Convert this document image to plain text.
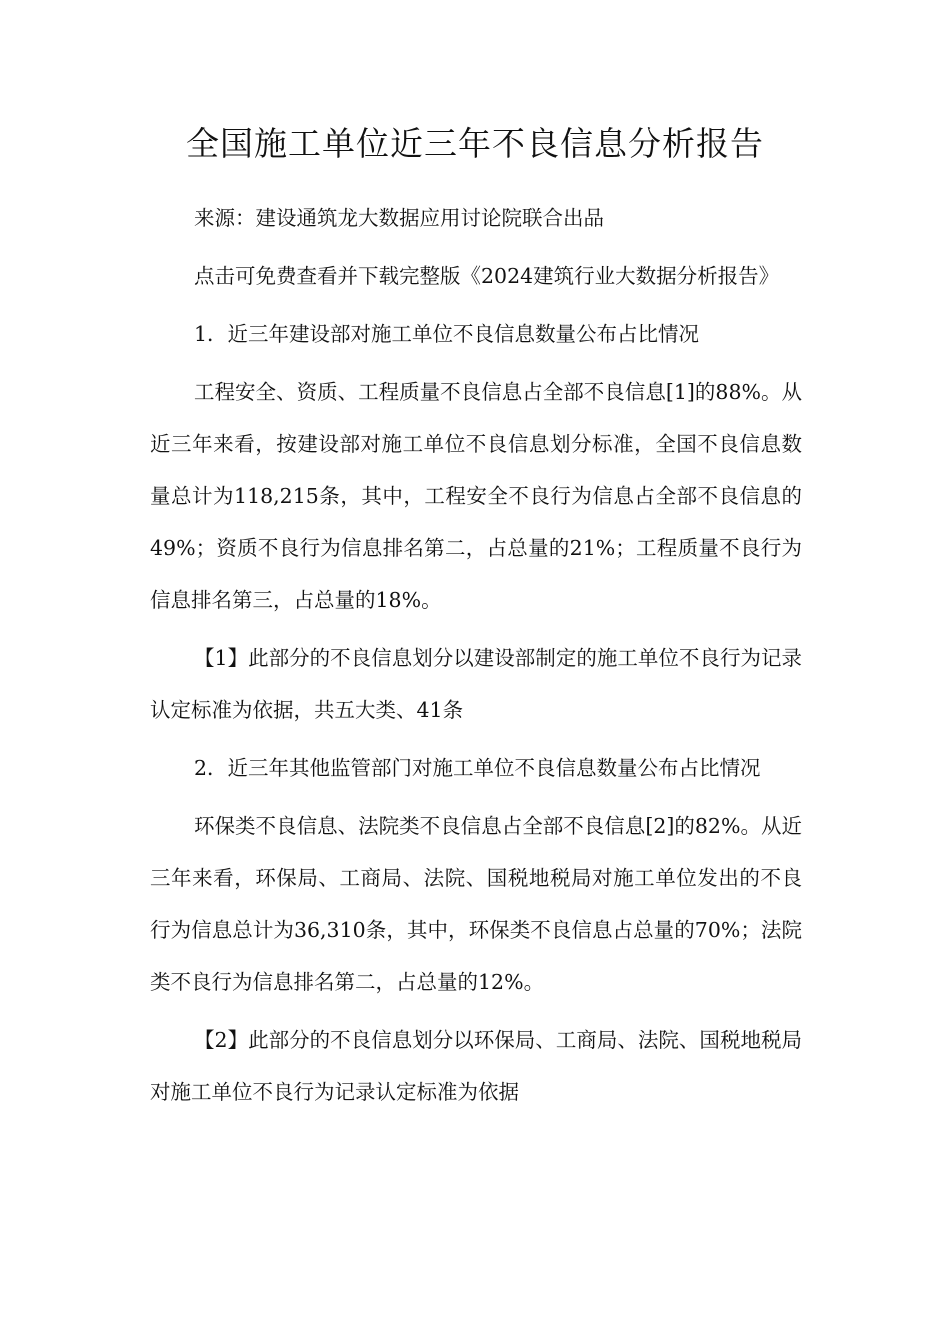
全国施工单位近三年不良信息分析报告

来源：建设通筑龙大数据应用讨论院联合出品

点击可免费查看并下载完整版《2024建筑行业大数据分析报告》

1．近三年建设部对施工单位不良信息数量公布占比情况

工程安全、资质、工程质量不良信息占全部不良信息[1]的88%。从近三年来看，按建设部对施工单位不良信息划分标准，全国不良信息数量总计为118,215条，其中，工程安全不良行为信息占全部不良信息的49%；资质不良行为信息排名第二，占总量的21%；工程质量不良行为信息排名第三，占总量的18%。

【1】此部分的不良信息划分以建设部制定的施工单位不良行为记录认定标准为依据，共五大类、41条

2．近三年其他监管部门对施工单位不良信息数量公布占比情况

环保类不良信息、法院类不良信息占全部不良信息[2]的82%。从近三年来看，环保局、工商局、法院、国税地税局对施工单位发出的不良行为信息总计为36,310条，其中，环保类不良信息占总量的70%；法院类不良行为信息排名第二，占总量的12%。

【2】此部分的不良信息划分以环保局、工商局、法院、国税地税局对施工单位不良行为记录认定标准为依据
